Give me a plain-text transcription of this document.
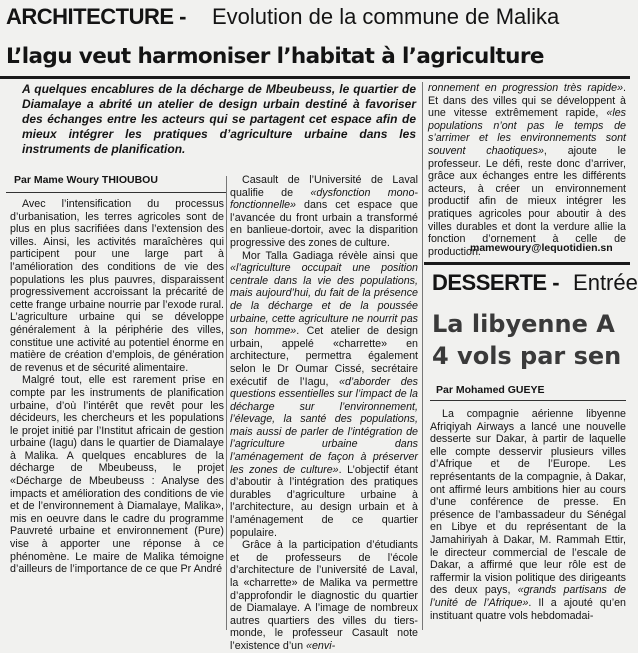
ARCHITECTURE - Evolution de la commune de Malika
L’lagu veut harmoniser l’habitat à l’agriculture

A quelques encablures de la décharge de Mbeubeuss, le quartier de Diamalaye a abrité un atelier de design urbain destiné à favoriser des échanges entre les acteurs qui se partagent cet espace afin de mieux intégrer les pratiques d’agriculture urbaine dans les instruments de planification.

Par Mame Woury THIOUBOU

Avec l’intensification du processus d’urbanisation, les terres agricoles sont de plus en plus sacrifiées dans l’extension des villes. Ainsi, les activités maraîchères qui participent pour une large part à l’amélioration des conditions de vie des populations les plus pauvres, disparaissent progressivement accroissant la précarité de cette frange urbaine nourrie par l’exode rural. L’agriculture urbaine qui se développe généralement à la périphérie des villes, constitue une activité au potentiel énorme en matière de création d’emplois, de génération de revenus et de sécurité alimentaire.

Malgré tout, elle est rarement prise en compte par les instruments de planification urbaine, d’où l’intérêt que revêt pour les décideurs, les chercheurs et les populations le projet initié par l’Institut africain de gestion urbaine (Iagu) dans le quartier de Diamalaye à Malika. A quelques encablures de la décharge de Mbeubeuss, le projet «Décharge de Mbeubeuss : Analyse des impacts et amélioration des conditions de vie et de l’environnement à Diamalaye, Malika», mis en oeuvre dans le cadre du programme Pauvreté urbaine et environnement (Pure) vise à apporter une réponse à ce phénomène. Le maire de Malika témoigne d’ailleurs de l’importance de ce que Pr André

Casault de l’Université de Laval qualifie de «dysfonction mono-fonctionnelle» dans cet espace que l’avancée du front urbain a transformé en banlieue-dortoir, avec la disparition progressive des zones de culture.

Mor Talla Gadiaga révèle ainsi que «l’agriculture occupait une position centrale dans la vie des populations, mais aujourd’hui, du fait de la présence de la décharge et de la poussée urbaine, cette agriculture ne nourrit pas son homme». Cet atelier de design urbain, appelé «charrette» en architecture, permettra également selon le Dr Oumar Cissé, secrétaire exécutif de l’Iagu, «d’aborder des questions essentielles sur l’impact de la décharge sur l’environnement, l’élevage, la santé des populations, mais aussi de parler de l’intégration de l’agriculture urbaine dans l’aménagement de façon à préserver les zones de culture». L’objectif étant d’aboutir à l’intégration des pratiques durables d’agriculture urbaine à l’architecture, au design urbain et à l’aménagement de ce quartier populaire.

Grâce à la participation d’étudiants et de professeurs de l’école d’architecture de l’université de Laval, la «charrette» de Malika va permettre d’approfondir le diagnostic du quartier de Diamalaye. A l’image de nombreux autres quartiers des villes du tiers-monde, le professeur Casault note l’existence d’un «envi-

ronnement en progression très rapide». Et dans des villes qui se développent à une vitesse extrêmement rapide, «les populations n’ont pas le temps de s’arrimer et les environnements sont souvent chaotiques», ajoute le professeur. Le défi, reste donc d’arriver, grâce aux échanges entre les différents acteurs, à créer un environnement productif afin de mieux intégrer les pratiques agricoles pour aboutir à des villes durables et dont la verdure allie la fonction d’ornement à celle de production.

mamewoury@lequotidien.sn

DESSERTE - Entrée
La libyenne A
4 vols par sen

Par Mohamed GUEYE

La compagnie aérienne libyenne Afriqiyah Airways a lancé une nouvelle desserte sur Dakar, à partir de laquelle elle compte desservir plusieurs villes d’Afrique et de l’Europe. Les représentants de la compagnie, à Dakar, ont affirmé leurs ambitions hier au cours d’une conférence de presse. En présence de l’ambassadeur du Sénégal en Libye et du représentant de la Jamahiriyah à Dakar, M. Rammah Ettir, le directeur commercial de l’escale de Dakar, a affirmé que leur rôle est de raffermir la vision politique des dirigeants des deux pays, «grands partisans de l’unité de l’Afrique». Il a ajouté qu’en instituant quatre vols hebdomadai-
